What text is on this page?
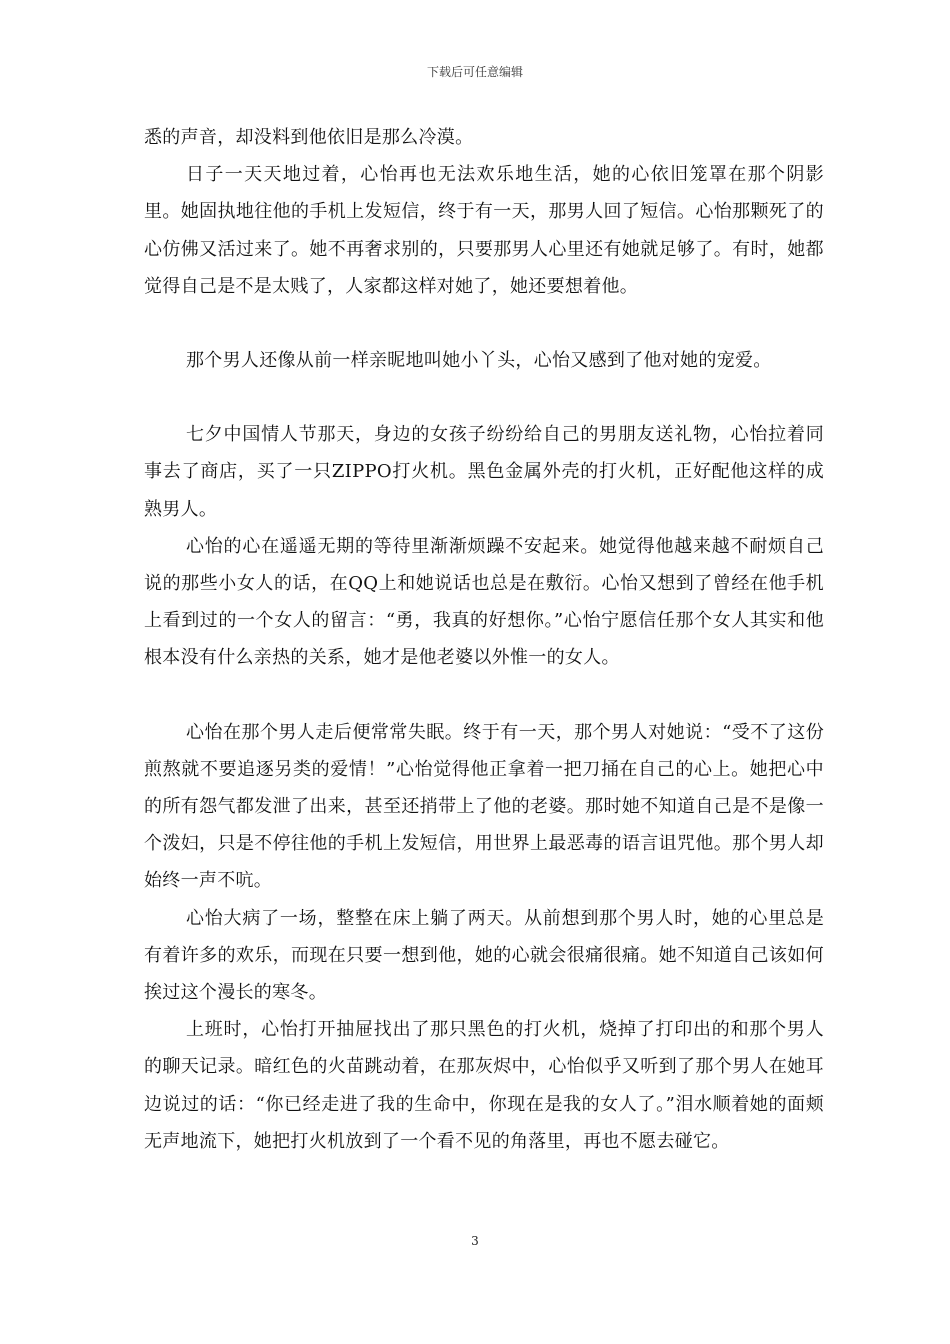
下载后可任意编辑

悉的声音，却没料到他依旧是那么冷漠。

日子一天天地过着，心怡再也无法欢乐地生活，她的心依旧笼罩在那个阴影里。她固执地往他的手机上发短信，终于有一天，那男人回了短信。心怡那颗死了的心仿佛又活过来了。她不再奢求别的，只要那男人心里还有她就足够了。有时，她都觉得自己是不是太贱了，人家都这样对她了，她还要想着他。

那个男人还像从前一样亲昵地叫她小丫头，心怡又感到了他对她的宠爱。

七夕中国情人节那天，身边的女孩子纷纷给自己的男朋友送礼物，心怡拉着同事去了商店，买了一只ZIPPO打火机。黑色金属外壳的打火机，正好配他这样的成熟男人。

心怡的心在遥遥无期的等待里渐渐烦躁不安起来。她觉得他越来越不耐烦自己说的那些小女人的话，在QQ上和她说话也总是在敷衍。心怡又想到了曾经在他手机上看到过的一个女人的留言：“勇，我真的好想你。”心怡宁愿信任那个女人其实和他根本没有什么亲热的关系，她才是他老婆以外惟一的女人。

心怡在那个男人走后便常常失眠。终于有一天，那个男人对她说：“受不了这份煎熬就不要追逐另类的爱情！”心怡觉得他正拿着一把刀捅在自己的心上。她把心中的所有怨气都发泄了出来，甚至还捎带上了他的老婆。那时她不知道自己是不是像一个泼妇，只是不停往他的手机上发短信，用世界上最恶毒的语言诅咒他。那个男人却始终一声不吭。

心怡大病了一场，整整在床上躺了两天。从前想到那个男人时，她的心里总是有着许多的欢乐，而现在只要一想到他，她的心就会很痛很痛。她不知道自己该如何挨过这个漫长的寒冬。

上班时，心怡打开抽屉找出了那只黑色的打火机，烧掉了打印出的和那个男人的聊天记录。暗红色的火苗跳动着，在那灰烬中，心怡似乎又听到了那个男人在她耳边说过的话：“你已经走进了我的生命中，你现在是我的女人了。”泪水顺着她的面颊无声地流下，她把打火机放到了一个看不见的角落里，再也不愿去碰它。

3
